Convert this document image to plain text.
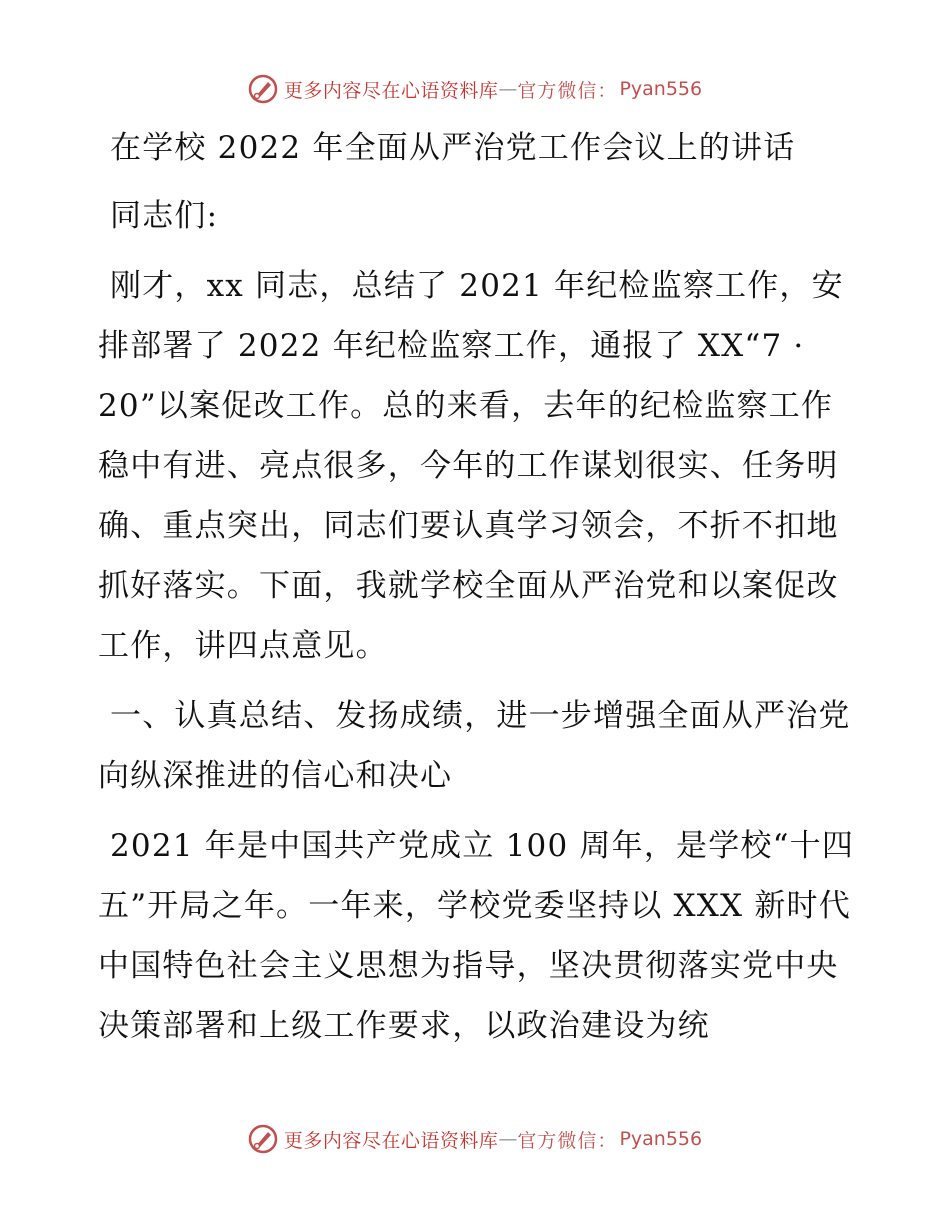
更多内容尽在心语资料库 — 官方微信： Pyan556

在学校 2022 年全面从严治党工作会议上的讲话

同志们:

刚才，xx 同志，总结了 2021 年纪检监察工作，安排部署了 2022 年纪检监察工作，通报了 XX“7 · 20”以案促改工作。总的来看，去年的纪检监察工作稳中有进、亮点很多，今年的工作谋划很实、任务明确、重点突出，同志们要认真学习领会，不折不扣地抓好落实。下面，我就学校全面从严治党和以案促改工作，讲四点意见。

一、认真总结、发扬成绩，进一步增强全面从严治党向纵深推进的信心和决心

2021 年是中国共产党成立 100 周年，是学校“十四五”开局之年。一年来，学校党委坚持以 XXX 新时代中国特色社会主义思想为指导，坚决贯彻落实党中央决策部署和上级工作要求，以政治建设为统

更多内容尽在心语资料库 — 官方微信： Pyan556
